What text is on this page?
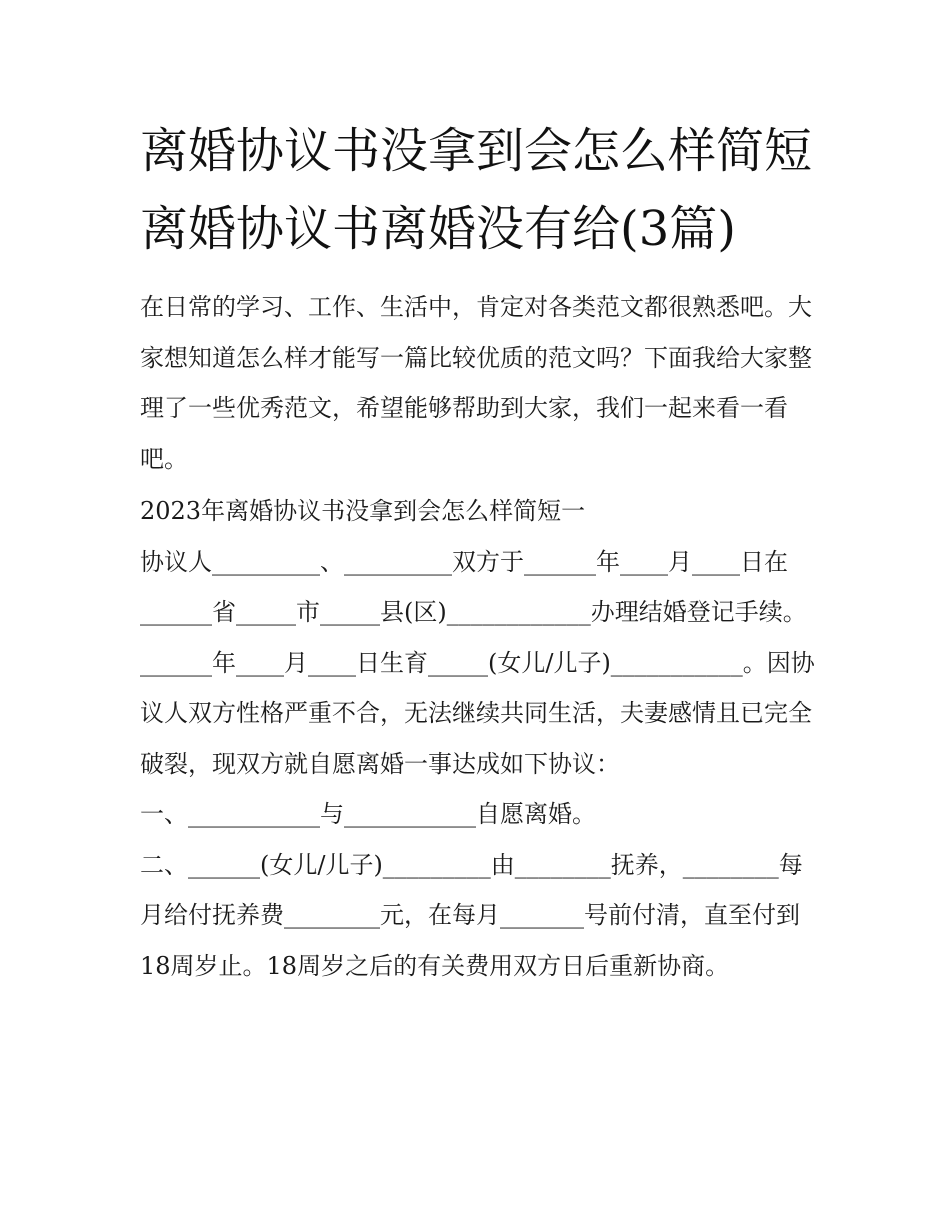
离婚协议书没拿到会怎么样简短 离婚协议书离婚没有给(3篇)

在日常的学习、工作、生活中，肯定对各类范文都很熟悉吧。大家想知道怎么样才能写一篇比较优质的范文吗？下面我给大家整理了一些优秀范文，希望能够帮助到大家，我们一起来看一看吧。

2023年离婚协议书没拿到会怎么样简短一

协议人_________、_________双方于______年____月____日在______省_____市_____县(区)____________办理结婚登记手续。______年____月____日生育_____(女儿/儿子)___________。因协议人双方性格严重不合，无法继续共同生活，夫妻感情且已完全破裂，现双方就自愿离婚一事达成如下协议：

一、___________与___________自愿离婚。

二、______(女儿/儿子)_________由________抚养，________每月给付抚养费________元，在每月_______号前付清，直至付到18周岁止。18周岁之后的有关费用双方日后重新协商。
